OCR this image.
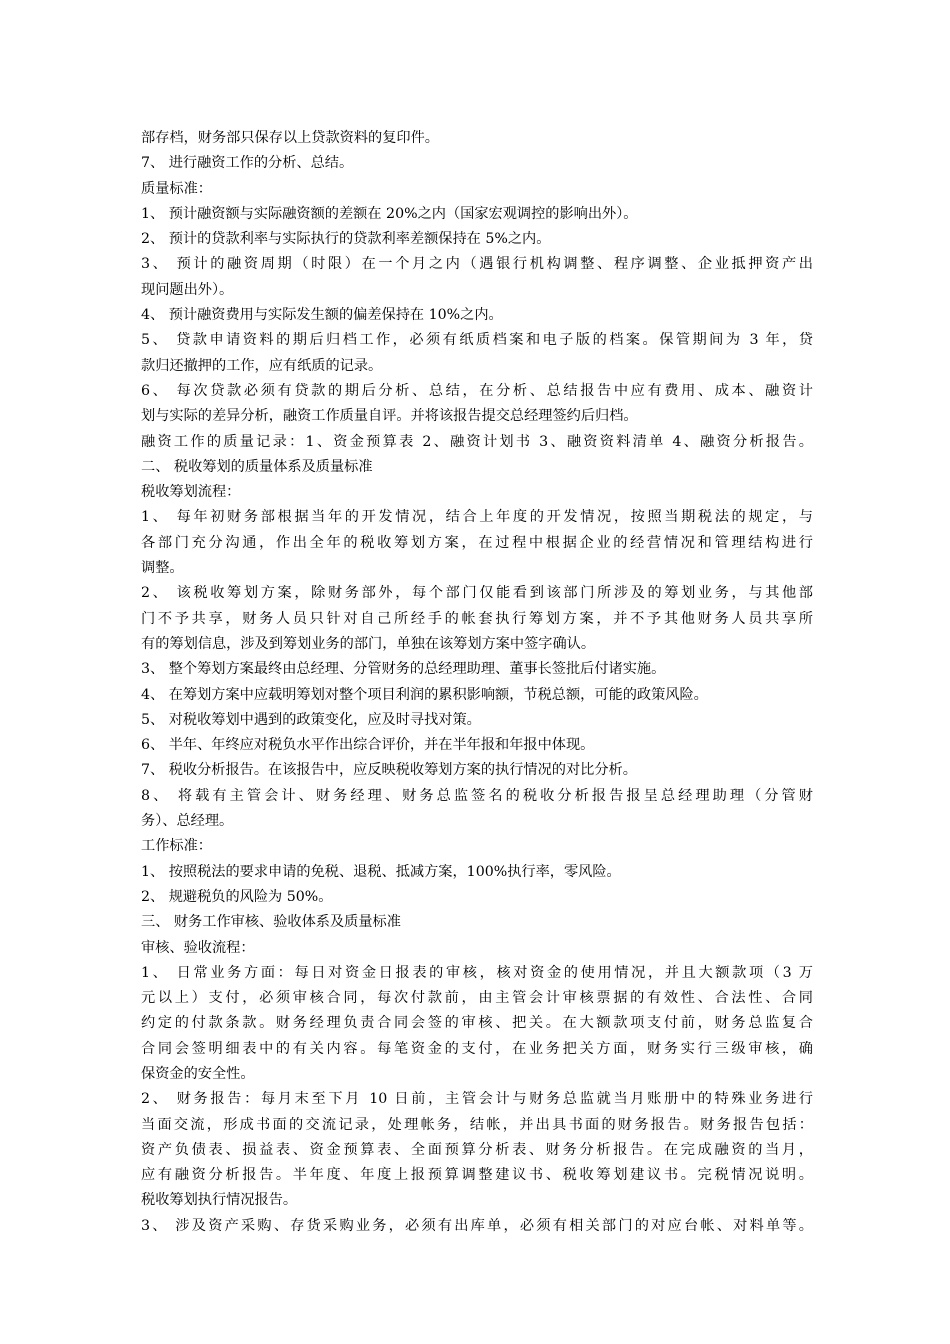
部存档，财务部只保存以上贷款资料的复印件。
7、 进行融资工作的分析、总结。
质量标准：
1、 预计融资额与实际融资额的差额在 20%之内（国家宏观调控的影响出外）。
2、 预计的贷款利率与实际执行的贷款利率差额保持在 5%之内。
3、 预计的融资周期（时限）在一个月之内（遇银行机构调整、程序调整、企业抵押资产出
现问题出外）。
4、 预计融资费用与实际发生额的偏差保持在 10%之内。
5、 贷款申请资料的期后归档工作，必须有纸质档案和电子版的档案。保管期间为 3 年，贷
款归还撤押的工作，应有纸质的记录。
6、 每次贷款必须有贷款的期后分析、总结，在分析、总结报告中应有费用、成本、融资计
划与实际的差异分析，融资工作质量自评。并将该报告提交总经理签约后归档。
融资工作的质量记录：1、资金预算表 2、融资计划书 3、融资资料清单 4、融资分析报告。
二、 税收筹划的质量体系及质量标准
税收筹划流程：
1、 每年初财务部根据当年的开发情况，结合上年度的开发情况，按照当期税法的规定，与
各部门充分沟通，作出全年的税收筹划方案，在过程中根据企业的经营情况和管理结构进行
调整。
2、 该税收筹划方案，除财务部外，每个部门仅能看到该部门所涉及的筹划业务，与其他部
门不予共享，财务人员只针对自己所经手的帐套执行筹划方案，并不予其他财务人员共享所
有的筹划信息，涉及到筹划业务的部门，单独在该筹划方案中签字确认。
3、 整个筹划方案最终由总经理、分管财务的总经理助理、董事长签批后付诸实施。
4、 在筹划方案中应载明筹划对整个项目利润的累积影响额，节税总额，可能的政策风险。
5、 对税收筹划中遇到的政策变化，应及时寻找对策。
6、 半年、年终应对税负水平作出综合评价，并在半年报和年报中体现。
7、 税收分析报告。在该报告中，应反映税收筹划方案的执行情况的对比分析。
8、 将载有主管会计、财务经理、财务总监签名的税收分析报告报呈总经理助理（分管财
务）、总经理。
工作标准：
1、 按照税法的要求申请的免税、退税、抵减方案，100%执行率，零风险。
2、 规避税负的风险为 50%。
三、 财务工作审核、验收体系及质量标准
审核、验收流程：
1、 日常业务方面：每日对资金日报表的审核，核对资金的使用情况，并且大额款项（3 万
元以上）支付，必须审核合同，每次付款前，由主管会计审核票据的有效性、合法性、合同
约定的付款条款。财务经理负责合同会签的审核、把关。在大额款项支付前，财务总监复合
合同会签明细表中的有关内容。每笔资金的支付，在业务把关方面，财务实行三级审核，确
保资金的安全性。
2、 财务报告：每月末至下月 10 日前，主管会计与财务总监就当月账册中的特殊业务进行
当面交流，形成书面的交流记录，处理帐务，结帐，并出具书面的财务报告。财务报告包括：
资产负债表、损益表、资金预算表、全面预算分析表、财务分析报告。在完成融资的当月，
应有融资分析报告。半年度、年度上报预算调整建议书、税收筹划建议书。完税情况说明。
税收筹划执行情况报告。
3、 涉及资产采购、存货采购业务，必须有出库单，必须有相关部门的对应台帐、对料单等。
